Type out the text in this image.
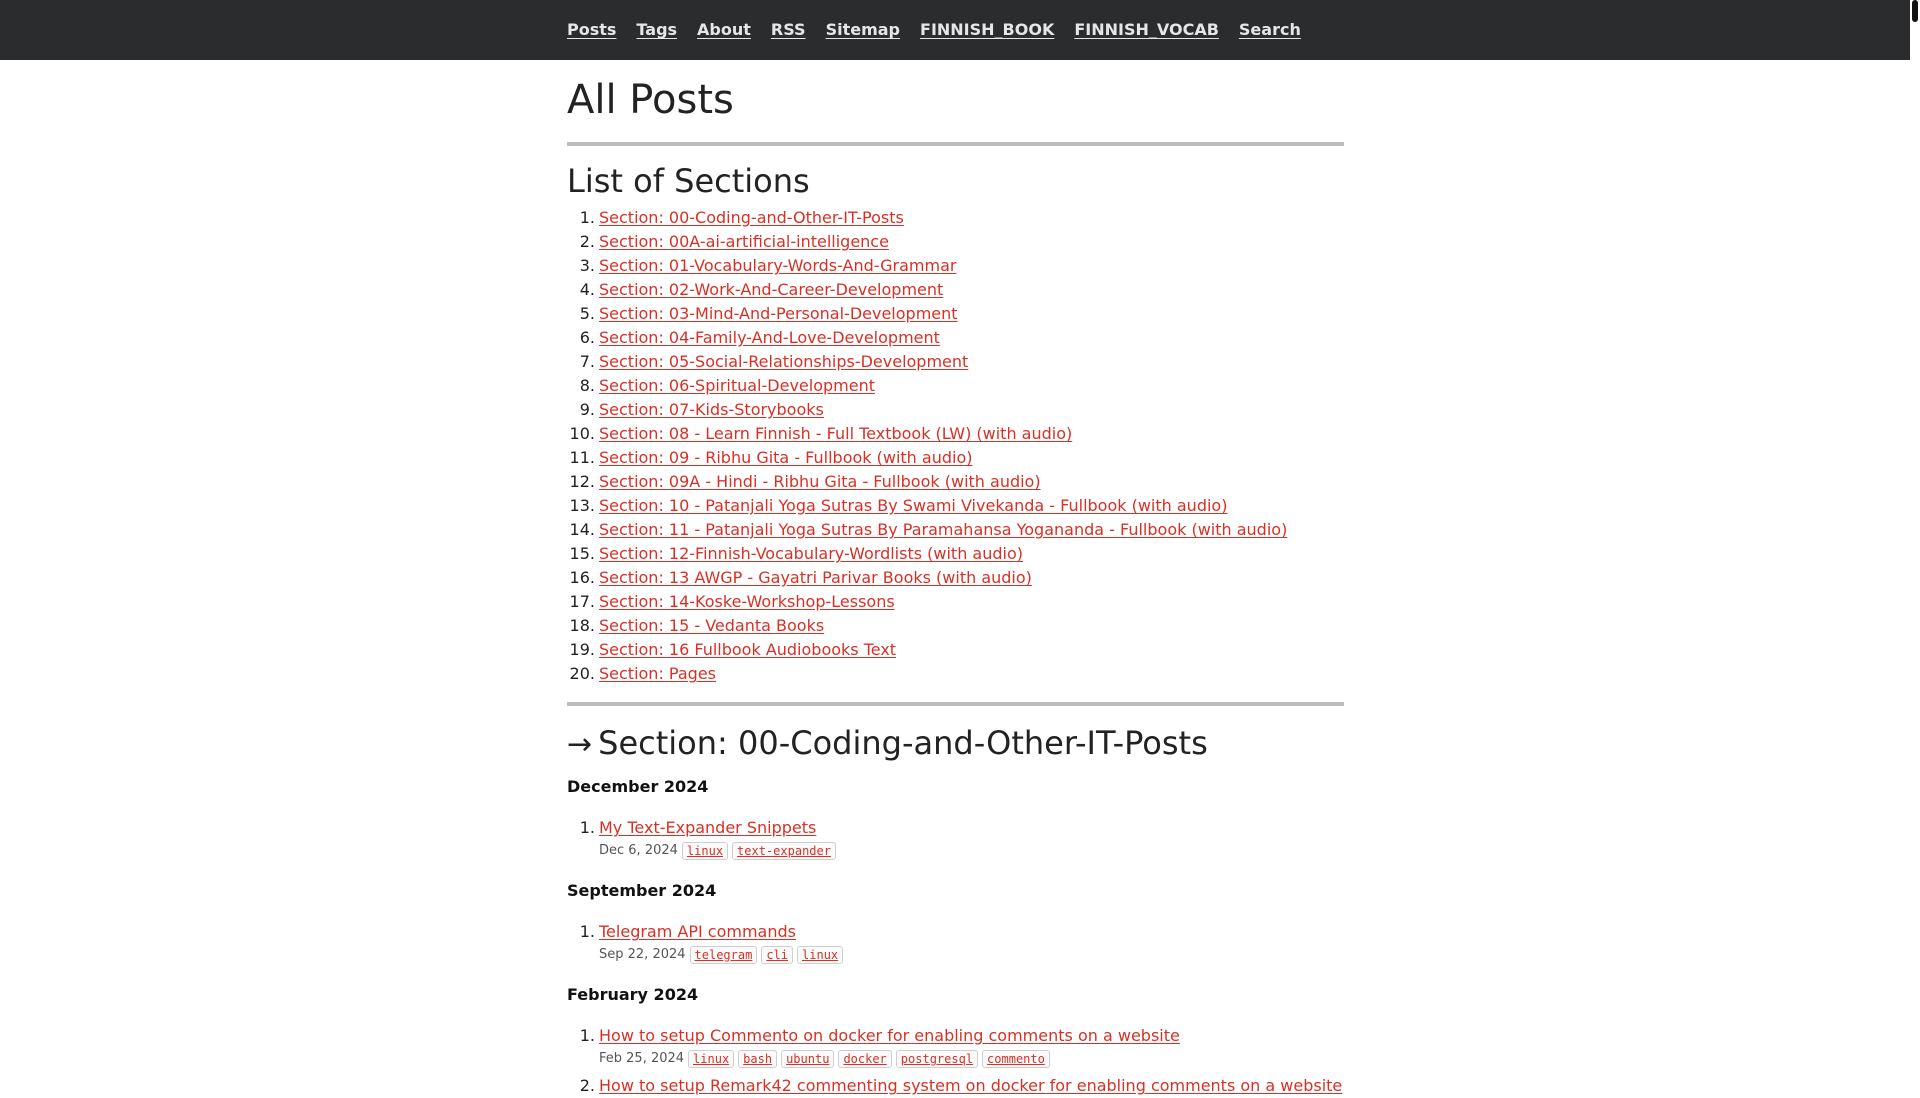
Posts Tags About RSS Sitemap FINNISH_BOOK FINNISH_VOCAB Search
All Posts
List of Sections
1. Section: 00-Coding-and-Other-IT-Posts
2. Section: 00A-ai-artificial-intelligence
3. Section: 01-Vocabulary-Words-And-Grammar
4. Section: 02-Work-And-Career-Development
5. Section: 03-Mind-And-Personal-Development
6. Section: 04-Family-And-Love-Development
7. Section: 05-Social-Relationships-Development
8. Section: 06-Spiritual-Development
9. Section: 07-Kids-Storybooks
10. Section: 08 - Learn Finnish - Full Textbook (LW) (with audio)
11. Section: 09 - Ribhu Gita - Fullbook (with audio)
12. Section: 09A - Hindi - Ribhu Gita - Fullbook (with audio)
13. Section: 10 - Patanjali Yoga Sutras By Swami Vivekanda - Fullbook (with audio)
14. Section: 11 - Patanjali Yoga Sutras By Paramahansa Yogananda - Fullbook (with audio)
15. Section: 12-Finnish-Vocabulary-Wordlists (with audio)
16. Section: 13 AWGP - Gayatri Parivar Books (with audio)
17. Section: 14-Koske-Workshop-Lessons
18. Section: 15 - Vedanta Books
19. Section: 16 Fullbook Audiobooks Text
20. Section: Pages
→ Section: 00-Coding-and-Other-IT-Posts
December 2024
1. My Text-Expander Snippets
Dec 6, 2024 linux	text-expander
September 2024
1. Telegram API commands
Sep 22, 2024 telegram	cli	linux
February 2024
1. How to setup Commento on docker for enabling comments on a website
Feb 25, 2024 linux	bash	ubuntu	docker	postgresql	commento
2. How to setup Remark42 commenting system on docker for enabling comments on a website
